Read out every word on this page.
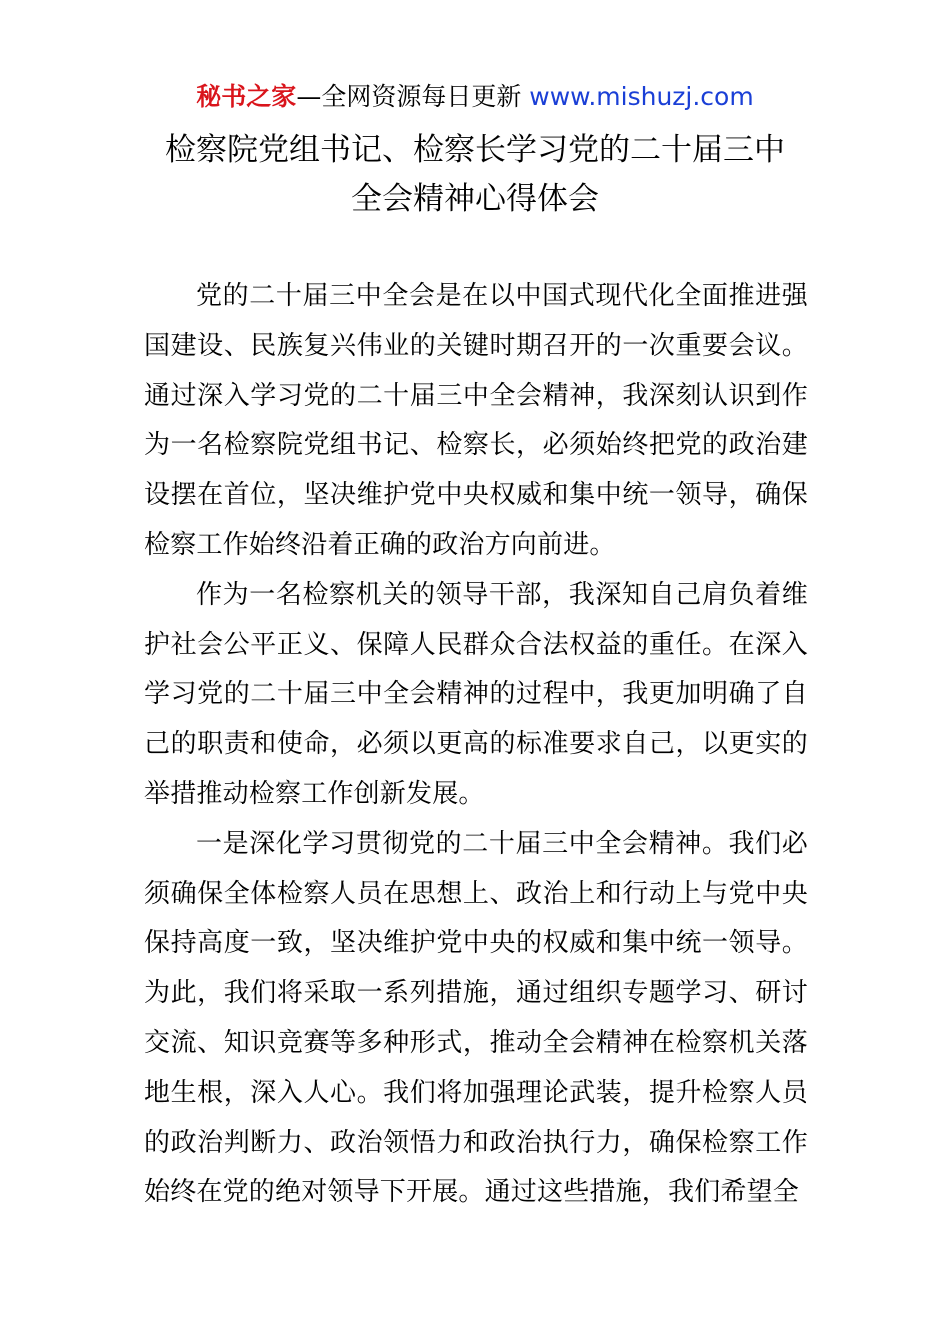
秘书之家—全网资源每日更新 www.mishuzj.com
检察院党组书记、检察长学习党的二十届三中
全会精神心得体会

党的二十届三中全会是在以中国式现代化全面推进强国建设、民族复兴伟业的关键时期召开的一次重要会议。通过深入学习党的二十届三中全会精神，我深刻认识到作为一名检察院党组书记、检察长，必须始终把党的政治建设摆在首位，坚决维护党中央权威和集中统一领导，确保检察工作始终沿着正确的政治方向前进。

作为一名检察机关的领导干部，我深知自己肩负着维护社会公平正义、保障人民群众合法权益的重任。在深入学习党的二十届三中全会精神的过程中，我更加明确了自己的职责和使命，必须以更高的标准要求自己，以更实的举措推动检察工作创新发展。

一是深化学习贯彻党的二十届三中全会精神。我们必须确保全体检察人员在思想上、政治上和行动上与党中央保持高度一致，坚决维护党中央的权威和集中统一领导。为此，我们将采取一系列措施，通过组织专题学习、研讨交流、知识竞赛等多种形式，推动全会精神在检察机关落地生根，深入人心。我们将加强理论武装，提升检察人员的政治判断力、政治领悟力和政治执行力，确保检察工作始终在党的绝对领导下开展。通过这些措施，我们希望全
